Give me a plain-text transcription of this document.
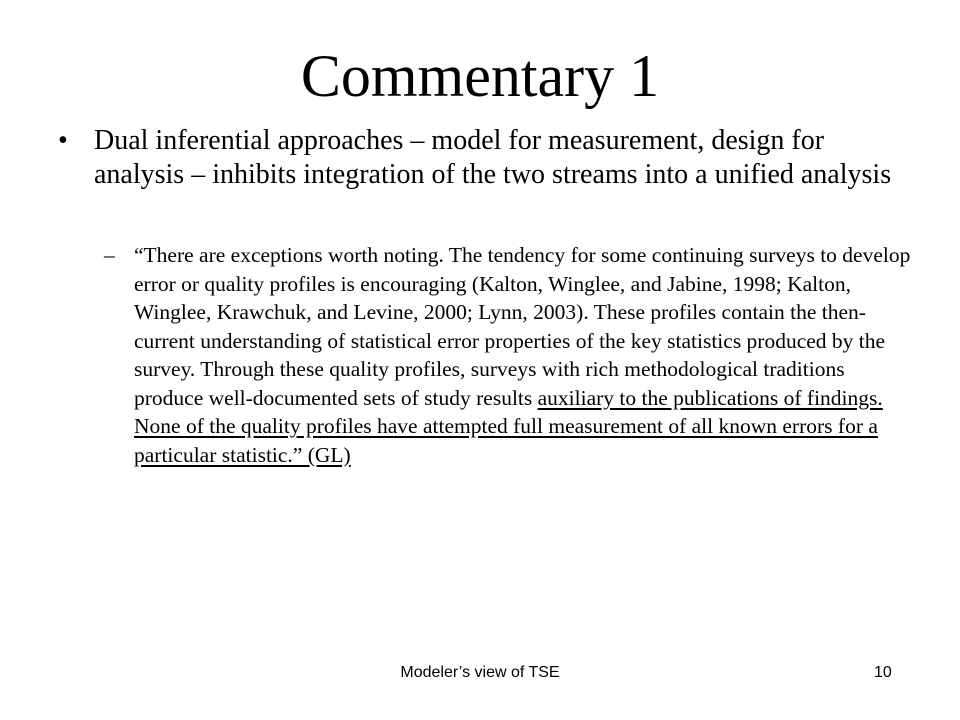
Commentary 1
• Dual inferential approaches – model for measurement, design for analysis – inhibits integration of the two streams into a unified analysis
– “There are exceptions worth noting. The tendency for some continuing surveys to develop error or quality profiles is encouraging (Kalton, Winglee, and Jabine, 1998; Kalton, Winglee, Krawchuk, and Levine, 2000; Lynn, 2003). These profiles contain the then-current understanding of statistical error properties of the key statistics produced by the survey. Through these quality profiles, surveys with rich methodological traditions produce well-documented sets of study results auxiliary to the publications of findings. None of the quality profiles have attempted full measurement of all known errors for a particular statistic.” (GL)
Modeler’s view of TSE	10
